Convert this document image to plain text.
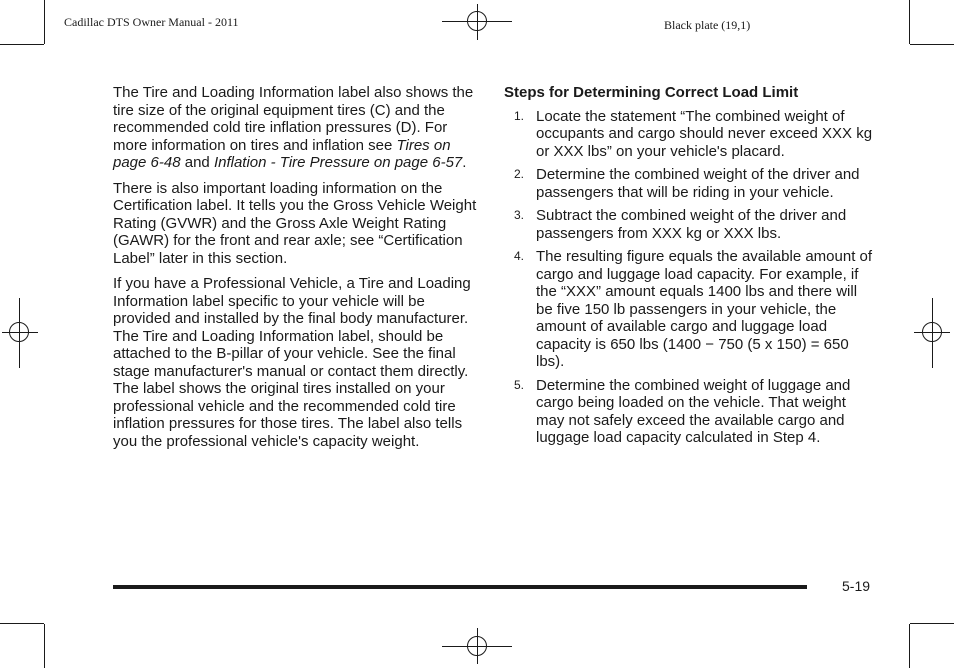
Cadillac DTS Owner Manual - 2011	Black plate (19,1)

The Tire and Loading Information label also shows the tire size of the original equipment tires (C) and the recommended cold tire inflation pressures (D). For more information on tires and inflation see Tires on page 6-48 and Inflation - Tire Pressure on page 6-57.

There is also important loading information on the Certification label. It tells you the Gross Vehicle Weight Rating (GVWR) and the Gross Axle Weight Rating (GAWR) for the front and rear axle; see “Certification Label” later in this section.

If you have a Professional Vehicle, a Tire and Loading Information label specific to your vehicle will be provided and installed by the final body manufacturer. The Tire and Loading Information label, should be attached to the B-pillar of your vehicle. See the final stage manufacturer's manual or contact them directly. The label shows the original tires installed on your professional vehicle and the recommended cold tire inflation pressures for those tires. The label also tells you the professional vehicle's capacity weight.

Steps for Determining Correct Load Limit
1. Locate the statement “The combined weight of occupants and cargo should never exceed XXX kg or XXX lbs” on your vehicle's placard.
2. Determine the combined weight of the driver and passengers that will be riding in your vehicle.
3. Subtract the combined weight of the driver and passengers from XXX kg or XXX lbs.
4. The resulting figure equals the available amount of cargo and luggage load capacity. For example, if the “XXX” amount equals 1400 lbs and there will be five 150 lb passengers in your vehicle, the amount of available cargo and luggage load capacity is 650 lbs (1400 − 750 (5 x 150) = 650 lbs).
5. Determine the combined weight of luggage and cargo being loaded on the vehicle. That weight may not safely exceed the available cargo and luggage load capacity calculated in Step 4.
5-19
